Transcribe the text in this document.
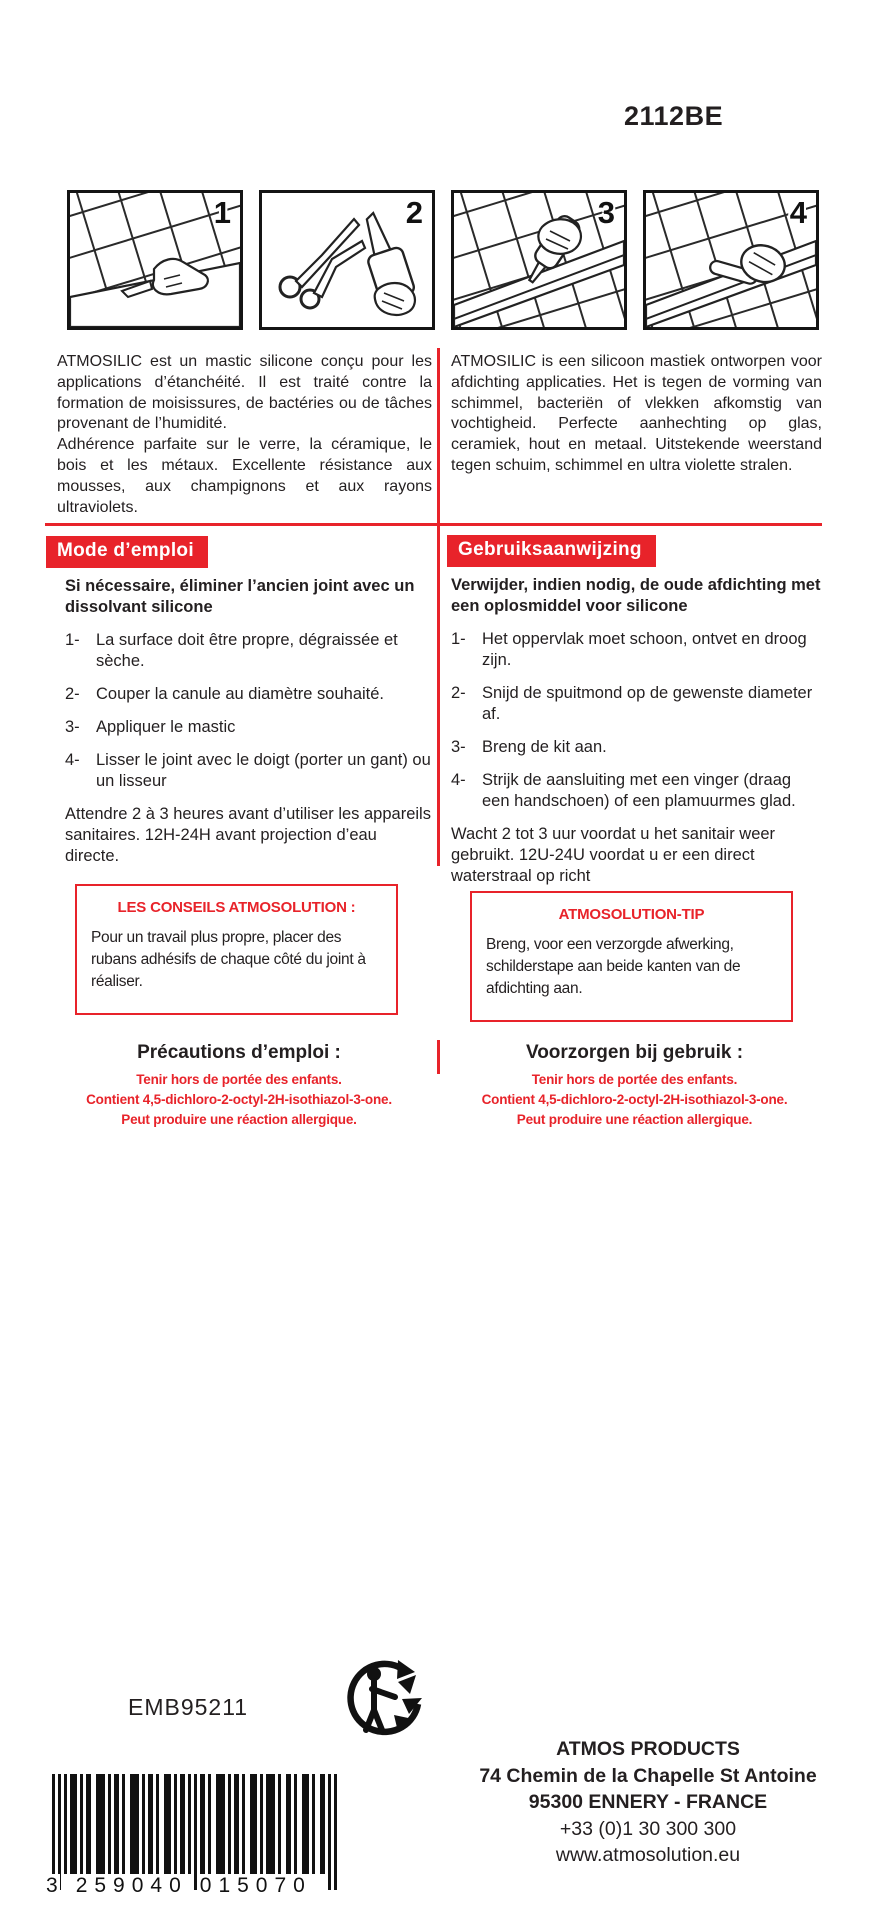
2112BE
1	2	3	4

ATMOSILIC est un mastic silicone conçu pour les applications d’étanchéité. Il est traité contre la formation de moisissures, de bactéries ou de tâches provenant de l’humidité.

Adhérence parfaite sur le verre, la céramique, le bois et les métaux. Excellente résistance aux mousses, aux champignons et aux rayons ultraviolets.

Mode d’emploi

Si nécessaire, éliminer l’ancien joint avec un dissolvant silicone

1- La surface doit être propre, dégraissée et sèche.
2- Couper la canule au diamètre souhaité.
3- Appliquer le mastic
4- Lisser le joint avec le doigt (porter un gant) ou un lisseur

Attendre 2 à 3 heures avant d’utiliser les appareils sanitaires. 12H-24H avant projection d’eau directe.

LES CONSEILS ATMOSOLUTION :
Pour un travail plus propre, placer des rubans adhésifs de chaque côté du joint à réaliser.

ATMOSILIC is een silicoon mastiek ontworpen voor afdichting applicaties. Het is tegen de vorming van schimmel, bacteriën of vlekken afkomstig van vochtigheid. Perfecte aanhechting op glas, ceramiek, hout en metaal. Uitstekende weerstand tegen schuim, schimmel en ultra violette stralen.

Gebruiksaanwijzing

Verwijder, indien nodig, de oude afdichting met een oplosmiddel voor silicone

1- Het oppervlak moet schoon, ontvet en droog zijn.
2- Snijd de spuitmond op de gewenste diameter af.
3- Breng de kit aan.
4- Strijk de aansluiting met een vinger (draag een handschoen) of een plamuurmes glad.

Wacht 2 tot 3 uur voordat u het sanitair weer gebruikt. 12U-24U voordat u er een direct waterstraal op richt

ATMOSOLUTION-TIP
Breng, voor een verzorgde afwerking, schilderstape aan beide kanten van de afdichting aan.
Précautions d’emploi :
Tenir hors de portée des enfants.
Contient 4,5-dichloro-2-octyl-2H-isothiazol-3-one.
Peut produire une réaction allergique.
Voorzorgen bij gebruik :
Tenir hors de portée des enfants.
Contient 4,5-dichloro-2-octyl-2H-isothiazol-3-one.
Peut produire une réaction allergique.
EMB95211
3 259040 015070
ATMOS PRODUCTS
74 Chemin de la Chapelle St Antoine
95300 ENNERY - FRANCE
+33 (0)1 30 300 300
www.atmosolution.eu
